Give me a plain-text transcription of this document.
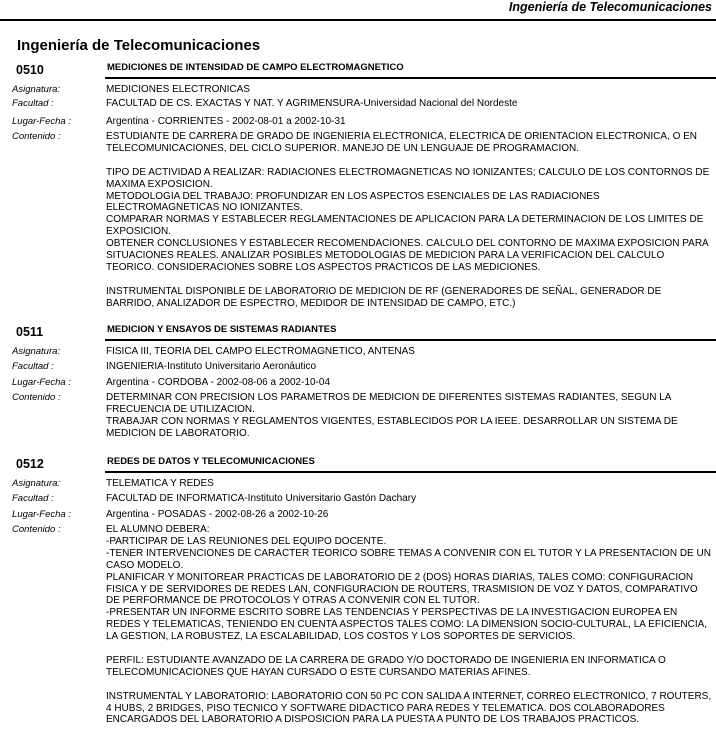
Ingeniería de Telecomunicaciones
Ingeniería de Telecomunicaciones
0510	MEDICIONES DE INTENSIDAD DE CAMPO ELECTROMAGNETICO
Asignatura:	MEDICIONES ELECTRONICAS
Facultad :	FACULTAD DE CS. EXACTAS Y NAT. Y AGRIMENSURA-Universidad Nacional del Nordeste
Lugar-Fecha :	Argentina - CORRIENTES - 2002-08-01 a 2002-10-31
Contenido :	ESTUDIANTE DE CARRERA DE GRADO DE INGENIERIA ELECTRONICA, ELECTRICA DE ORIENTACION ELECTRONICA, O EN TELECOMUNICACIONES, DEL CICLO SUPERIOR. MANEJO DE UN LENGUAJE DE PROGRAMACION.
TIPO DE ACTIVIDAD A REALIZAR: RADIACIONES ELECTROMAGNETICAS NO IONIZANTES; CALCULO DE LOS CONTORNOS DE MAXIMA EXPOSICION.
METODOLOGIA DEL TRABAJO: PROFUNDIZAR EN LOS ASPECTOS ESENCIALES DE LAS RADIACIONES ELECTROMAGNETICAS NO IONIZANTES.
COMPARAR NORMAS Y ESTABLECER REGLAMENTACIONES DE APLICACION PARA LA DETERMINACION DE LOS LIMITES DE EXPOSICION.
OBTENER CONCLUSIONES Y ESTABLECER RECOMENDACIONES. CALCULO DEL CONTORNO DE MAXIMA EXPOSICION PARA SITUACIONES REALES. ANALIZAR POSIBLES METODOLOGIAS DE MEDICION PARA LA VERIFICACION DEL CALCULO TEORICO. CONSIDERACIONES SOBRE LOS ASPECTOS PRACTICOS DE LAS MEDICIONES.
INSTRUMENTAL DISPONIBLE DE LABORATORIO DE MEDICION DE RF (GENERADORES DE SEÑAL, GENERADOR DE BARRIDO, ANALIZADOR DE ESPECTRO, MEDIDOR DE INTENSIDAD DE CAMPO, ETC.)
0511	MEDICION Y ENSAYOS DE SISTEMAS RADIANTES
Asignatura:	FISICA III, TEORIA DEL CAMPO ELECTROMAGNETICO, ANTENAS
Facultad :	INGENIERIA-Instituto Universitario Aeronáutico
Lugar-Fecha :	Argentina - CORDOBA - 2002-08-06 a 2002-10-04
Contenido :	DETERMINAR CON PRECISION LOS PARAMETROS DE MEDICION DE DIFERENTES SISTEMAS RADIANTES, SEGUN LA FRECUENCIA DE UTILIZACION.
TRABAJAR CON NORMAS Y REGLAMENTOS VIGENTES, ESTABLECIDOS POR LA IEEE. DESARROLLAR UN SISTEMA DE MEDICION DE LABORATORIO.
0512	REDES DE DATOS Y TELECOMUNICACIONES
Asignatura:	TELEMATICA Y REDES
Facultad :	FACULTAD DE INFORMATICA-Instituto Universitario Gastón Dachary
Lugar-Fecha :	Argentina - POSADAS - 2002-08-26 a 2002-10-26
Contenido :	EL ALUMNO DEBERA:
-PARTICIPAR DE LAS REUNIONES DEL EQUIPO DOCENTE.
-TENER INTERVENCIONES DE CARACTER TEORICO SOBRE TEMAS A CONVENIR CON EL TUTOR Y LA PRESENTACION DE UN CASO MODELO.
PLANIFICAR Y MONITOREAR PRACTICAS DE LABORATORIO DE 2 (DOS) HORAS DIARIAS, TALES COMO: CONFIGURACION FISICA Y DE SERVIDORES DE REDES LAN, CONFIGURACION DE ROUTERS, TRASMISION DE VOZ Y DATOS, COMPARATIVO DE PERFORMANCE DE PROTOCOLOS Y OTRAS A CONVENIR CON EL TUTOR.
-PRESENTAR UN INFORME ESCRITO SOBRE LAS TENDENCIAS Y PERSPECTIVAS DE LA INVESTIGACION EUROPEA EN REDES Y TELEMATICAS, TENIENDO EN CUENTA ASPECTOS TALES COMO: LA DIMENSION SOCIO-CULTURAL, LA EFICIENCIA, LA GESTION, LA ROBUSTEZ, LA ESCALABILIDAD, LOS COSTOS Y LOS SOPORTES DE SERVICIOS.
PERFIL: ESTUDIANTE AVANZADO DE LA CARRERA DE GRADO Y/O DOCTORADO DE INGENIERIA EN INFORMATICA O TELECOMUNICACIONES QUE HAYAN CURSADO O ESTE CURSANDO MATERIAS AFINES.
INSTRUMENTAL Y LABORATORIO: LABORATORIO CON 50 PC CON SALIDA A INTERNET, CORREO ELECTRONICO, 7 ROUTERS, 4 HUBS, 2 BRIDGES, PISO TECNICO Y SOFTWARE DIDACTICO PARA REDES Y TELEMATICA. DOS COLABORADORES ENCARGADOS DEL LABORATORIO A DISPOSICION PARA LA PUESTA A PUNTO DE LOS TRABAJOS PRACTICOS.
